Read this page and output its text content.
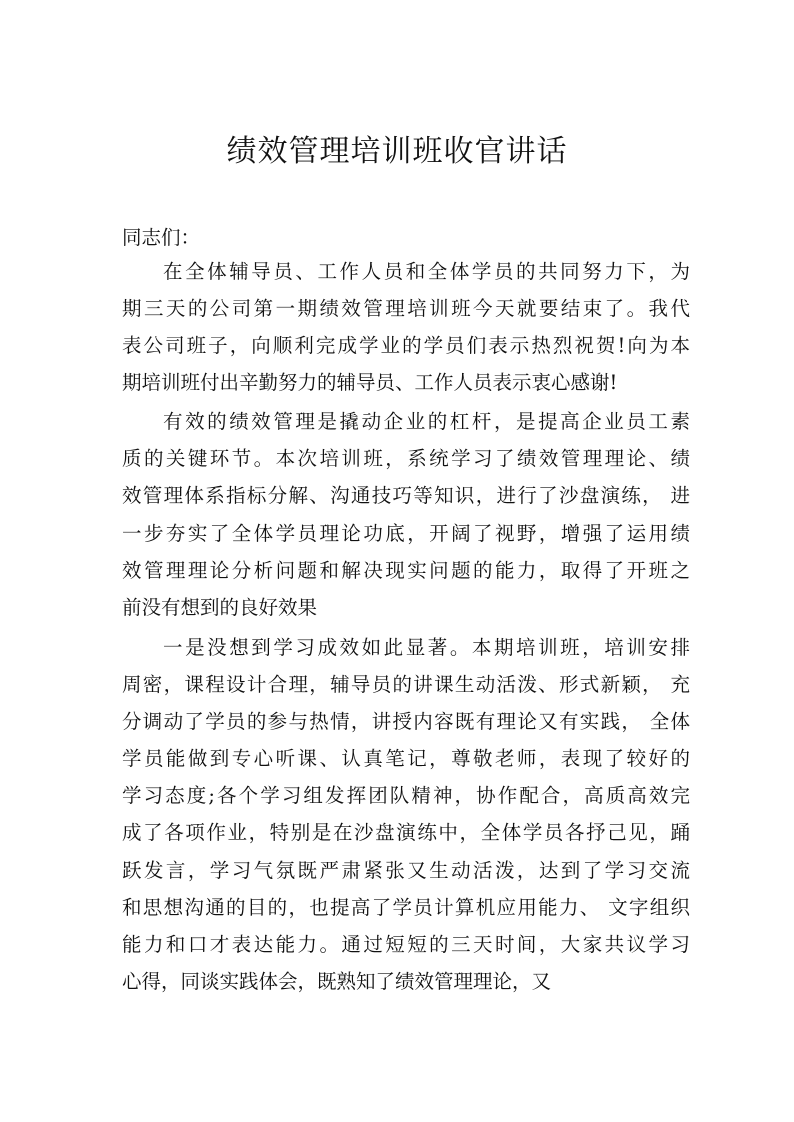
绩效管理培训班收官讲话
同志们：
在全体辅导员、工作人员和全体学员的共同努力下，为
期三天的公司第一期绩效管理培训班今天就要结束了。我代
表公司班子，向顺利完成学业的学员们表示热烈祝贺!向为本
期培训班付出辛勤努力的辅导员、工作人员表示衷心感谢!
有效的绩效管理是撬动企业的杠杆，是提高企业员工素
质的关键环节。本次培训班，系统学习了绩效管理理论、绩
效管理体系指标分解、沟通技巧等知识，进行了沙盘演练， 进
一步夯实了全体学员理论功底，开阔了视野，增强了运用绩
效管理理论分析问题和解决现实问题的能力，取得了开班之
前没有想到的良好效果
一是没想到学习成效如此显著。本期培训班，培训安排
周密，课程设计合理，辅导员的讲课生动活泼、形式新颖， 充
分调动了学员的参与热情，讲授内容既有理论又有实践， 全体
学员能做到专心听课、认真笔记，尊敬老师，表现了较好的
学习态度;各个学习组发挥团队精神，协作配合，高质高效完
成了各项作业，特别是在沙盘演练中，全体学员各抒己见，踊
跃发言，学习气氛既严肃紧张又生动活泼，达到了学习交流
和思想沟通的目的，也提高了学员计算机应用能力、 文字组织
能力和口才表达能力。通过短短的三天时间，大家共议学习
心得，同谈实践体会，既熟知了绩效管理理论，又
